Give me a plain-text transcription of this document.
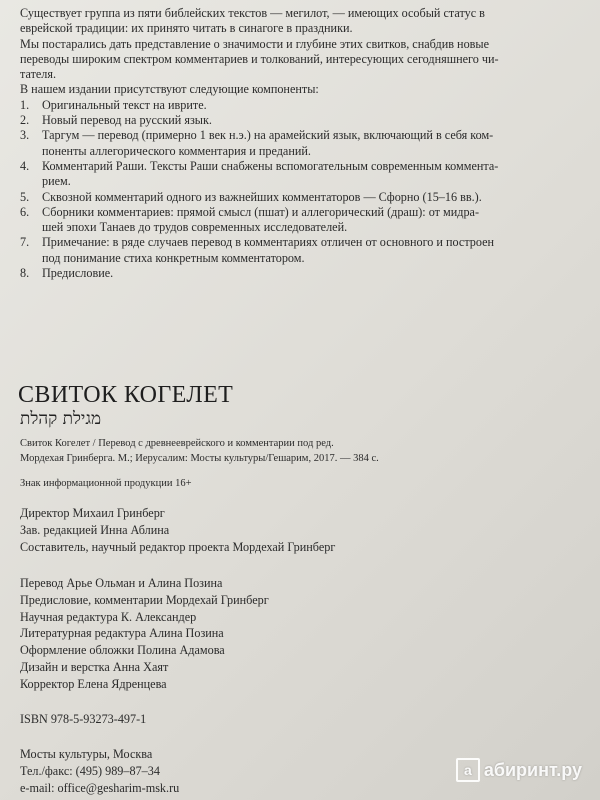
Существует группа из пяти библейских текстов — мегилот, — имеющих особый статус в

еврейской традиции: их принято читать в синагоге в праздники.

Мы постарались дать представление о значимости и глубине этих свитков, снабдив новые

переводы широким спектром комментариев и толкований, интересующих сегодняшнего чи-

тателя.

В нашем издании присутствуют следующие компоненты:

1.	Оригинальный текст на иврите.
2.	Новый перевод на русский язык.
3.	Таргум — перевод (примерно 1 век н.э.) на арамейский язык, включающий в себя ком-
поненты аллегорического комментария и преданий.
4.	Комментарий Раши. Тексты Раши снабжены вспомогательным современным коммента-
рием.
5.	Сквозной комментарий одного из важнейших комментаторов — Сфорно (15–16 вв.).
6.	Сборники комментариев: прямой смысл (пшат) и аллегорический (драш): от мидра-
шей эпохи Танаев до трудов современных исследователей.
7.	Примечание: в ряде случаев перевод в комментариях отличен от основного и построен
под понимание стиха конкретным комментатором.
8.	Предисловие.
СВИТОК КОГЕЛЕТ
מגילת קהלת

Свиток Когелет / Перевод с древнееврейского и комментарии под ред.

Мордехая Гринберга. М.; Иерусалим: Мосты культуры/Гешарим, 2017. — 384 с.

Знак информационной продукции 16+

Директор Михаил Гринберг

Зав. редакцией Инна Аблина

Составитель, научный редактор проекта Мордехай Гринберг

Перевод Арье Ольман и Алина Позина

Предисловие, комментарии Мордехай Гринберг

Научная редактура К. Александер

Литературная редактура Алина Позина

Оформление обложки Полина Адамова

Дизайн и верстка Анна Хаят

Корректор Елена Ядренцева

ISBN 978-5-93273-497-1

Мосты культуры, Москва

Тел./факс: (495) 989–87–34

e-mail: office@gesharim-msk.ru

а абиринт.ру
